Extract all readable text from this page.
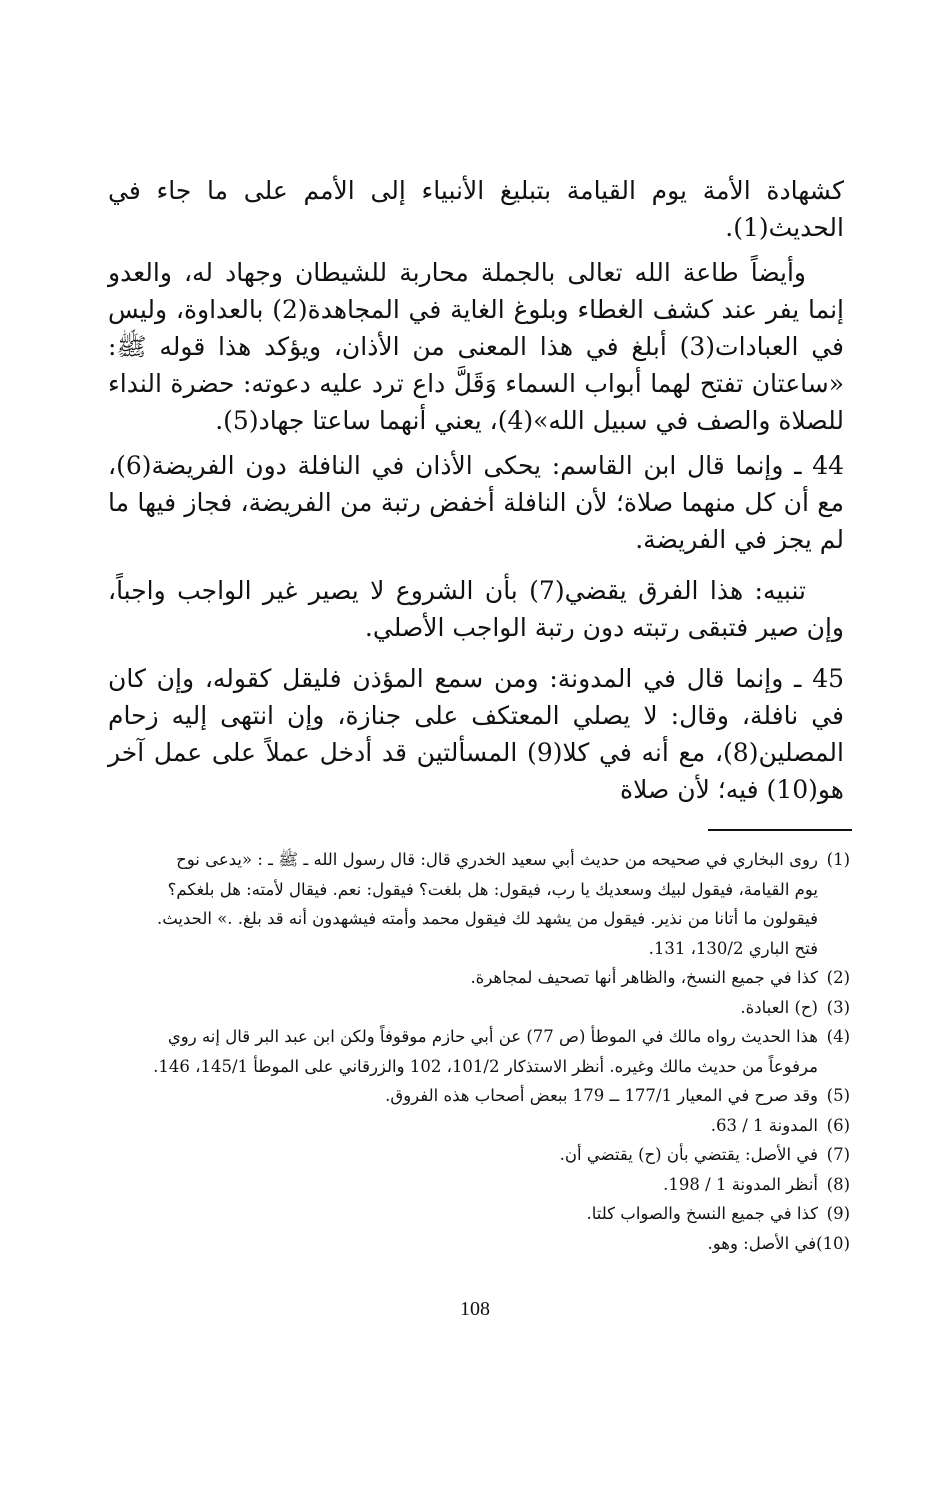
كشهادة الأمة يوم القيامة بتبليغ الأنبياء إلى الأمم على ما جاء في الحديث(1).

وأيضاً طاعة الله تعالى بالجملة محاربة للشيطان وجهاد له، والعدو إنما يفر عند كشف الغطاء وبلوغ الغاية في المجاهدة(2) بالعداوة، وليس في العبادات(3) أبلغ في هذا المعنى من الأذان، ويؤكد هذا قوله ﷺ: «ساعتان تفتح لهما أبواب السماء وَقَلَّ داع ترد عليه دعوته: حضرة النداء للصلاة والصف في سبيل الله»(4)، يعني أنهما ساعتا جهاد(5).

44 ـ وإنما قال ابن القاسم: يحكى الأذان في النافلة دون الفريضة(6)، مع أن كل منهما صلاة؛ لأن النافلة أخفض رتبة من الفريضة، فجاز فيها ما لم يجز في الفريضة.

تنبيه: هذا الفرق يقضي(7) بأن الشروع لا يصير غير الواجب واجباً، وإن صير فتبقى رتبته دون رتبة الواجب الأصلي.

45 ـ وإنما قال في المدونة: ومن سمع المؤذن فليقل كقوله، وإن كان في نافلة، وقال: لا يصلي المعتكف على جنازة، وإن انتهى إليه زحام المصلين(8)، مع أنه في كلا(9) المسألتين قد أدخل عملاً على عمل آخر هو(10) فيه؛ لأن صلاة

(1)روى البخاري في صحيحه من حديث أبي سعيد الخدري قال: قال رسول الله ـ ﷺ ـ : «يدعى نوح

يوم القيامة، فيقول لبيك وسعديك يا رب، فيقول: هل بلغت؟ فيقول: نعم. فيقال لأمته: هل بلغكم؟

فيقولون ما أتانا من نذير. فيقول من يشهد لك فيقول محمد وأمته فيشهدون أنه قد بلغ. .» الحديث.

فتح الباري 130/2، 131.

(2)كذا في جميع النسخ، والظاهر أنها تصحيف لمجاهرة.

(3)(ح) العبادة.

(4)هذا الحديث رواه مالك في الموطأ (ص 77) عن أبي حازم موقوفاً ولكن ابن عبد البر قال إنه روي

مرفوعاً من حديث مالك وغيره. أنظر الاستذكار 101/2، 102 والزرقاني على الموطأ 145/1، 146.

(5)وقد صرح في المعيار 177/1 ــ 179 ببعض أصحاب هذه الفروق.

(6)المدونة 1 / 63.

(7)في الأصل: يقتضي بأن (ح) يقتضي أن.

(8)أنظر المدونة 1 / 198.

(9)كذا في جميع النسخ والصواب كلتا.

(10)في الأصل: وهو.

108
